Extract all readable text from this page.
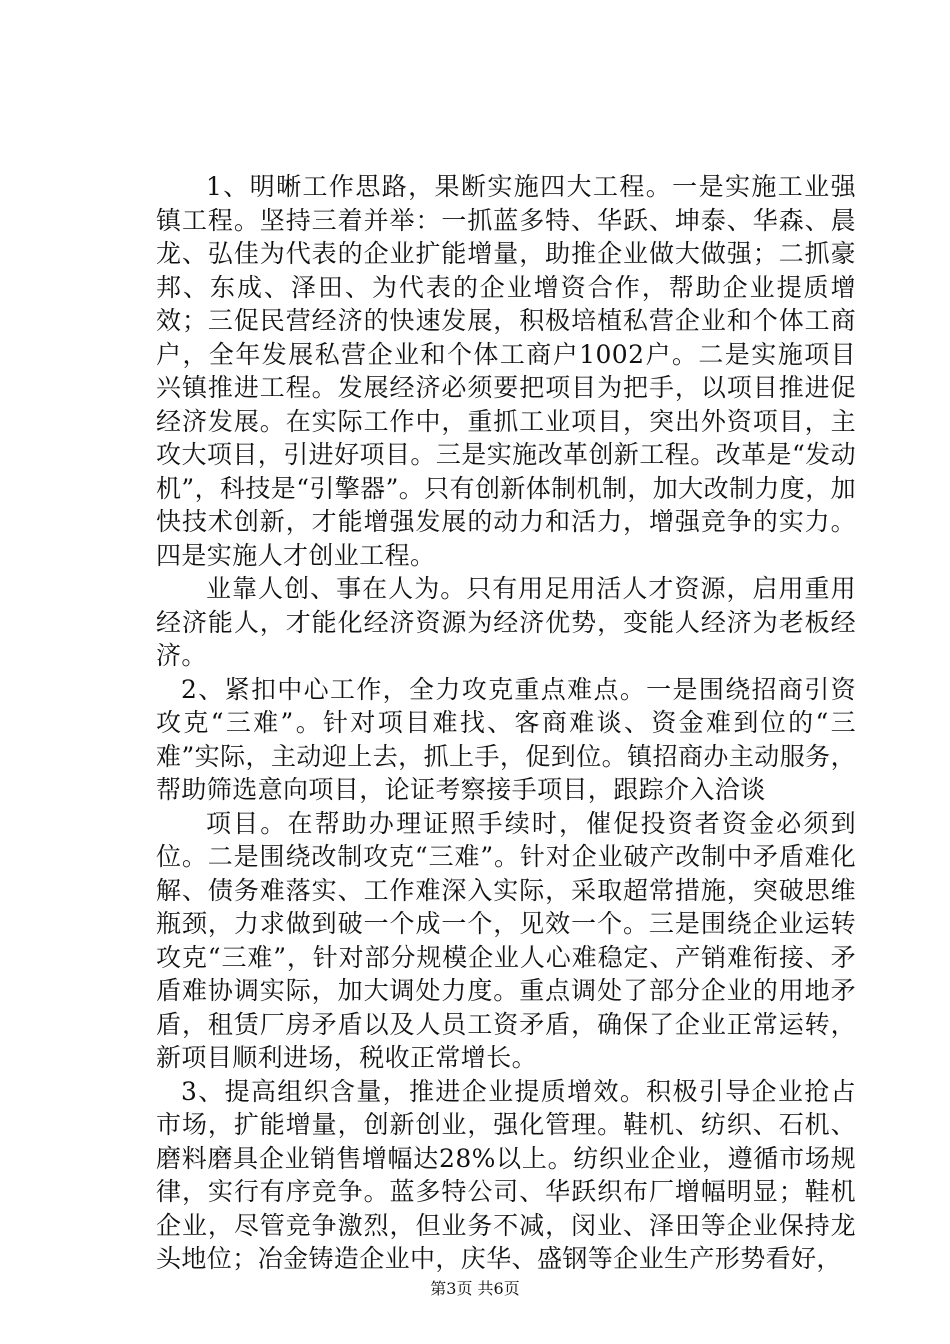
1、明晰工作思路，果断实施四大工程。一是实施工业强镇工程。坚持三着并举：一抓蓝多特、华跃、坤泰、华森、晨龙、弘佳为代表的企业扩能增量，助推企业做大做强；二抓豪邦、东成、泽田、为代表的企业增资合作，帮助企业提质增效；三促民营经济的快速发展，积极培植私营企业和个体工商户，全年发展私营企业和个体工商户1002户。二是实施项目兴镇推进工程。发展经济必须要把项目为把手，以项目推进促经济发展。在实际工作中，重抓工业项目，突出外资项目，主攻大项目，引进好项目。三是实施改革创新工程。改革是“发动机”，科技是“引擎器”。只有创新体制机制，加大改制力度，加快技术创新，才能增强发展的动力和活力，增强竞争的实力。四是实施人才创业工程。

业靠人创、事在人为。只有用足用活人才资源，启用重用经济能人，才能化经济资源为经济优势，变能人经济为老板经济。

2、紧扣中心工作，全力攻克重点难点。一是围绕招商引资攻克“三难”。针对项目难找、客商难谈、资金难到位的“三难”实际，主动迎上去，抓上手，促到位。镇招商办主动服务，帮助筛选意向项目，论证考察接手项目，跟踪介入洽谈

项目。在帮助办理证照手续时，催促投资者资金必须到位。二是围绕改制攻克“三难”。针对企业破产改制中矛盾难化解、债务难落实、工作难深入实际，采取超常措施，突破思维瓶颈，力求做到破一个成一个，见效一个。三是围绕企业运转攻克“三难”，针对部分规模企业人心难稳定、产销难衔接、矛盾难协调实际，加大调处力度。重点调处了部分企业的用地矛盾，租赁厂房矛盾以及人员工资矛盾，确保了企业正常运转，新项目顺利进场，税收正常增长。

3、提高组织含量，推进企业提质增效。积极引导企业抢占市场，扩能增量，创新创业，强化管理。鞋机、纺织、石机、磨料磨具企业销售增幅达28%以上。纺织业企业，遵循市场规律，实行有序竞争。蓝多特公司、华跃织布厂增幅明显；鞋机企业，尽管竞争激烈，但业务不减，闵业、泽田等企业保持龙头地位；冶金铸造企业中，庆华、盛钢等企业生产形势看好，

第3页 共6页
